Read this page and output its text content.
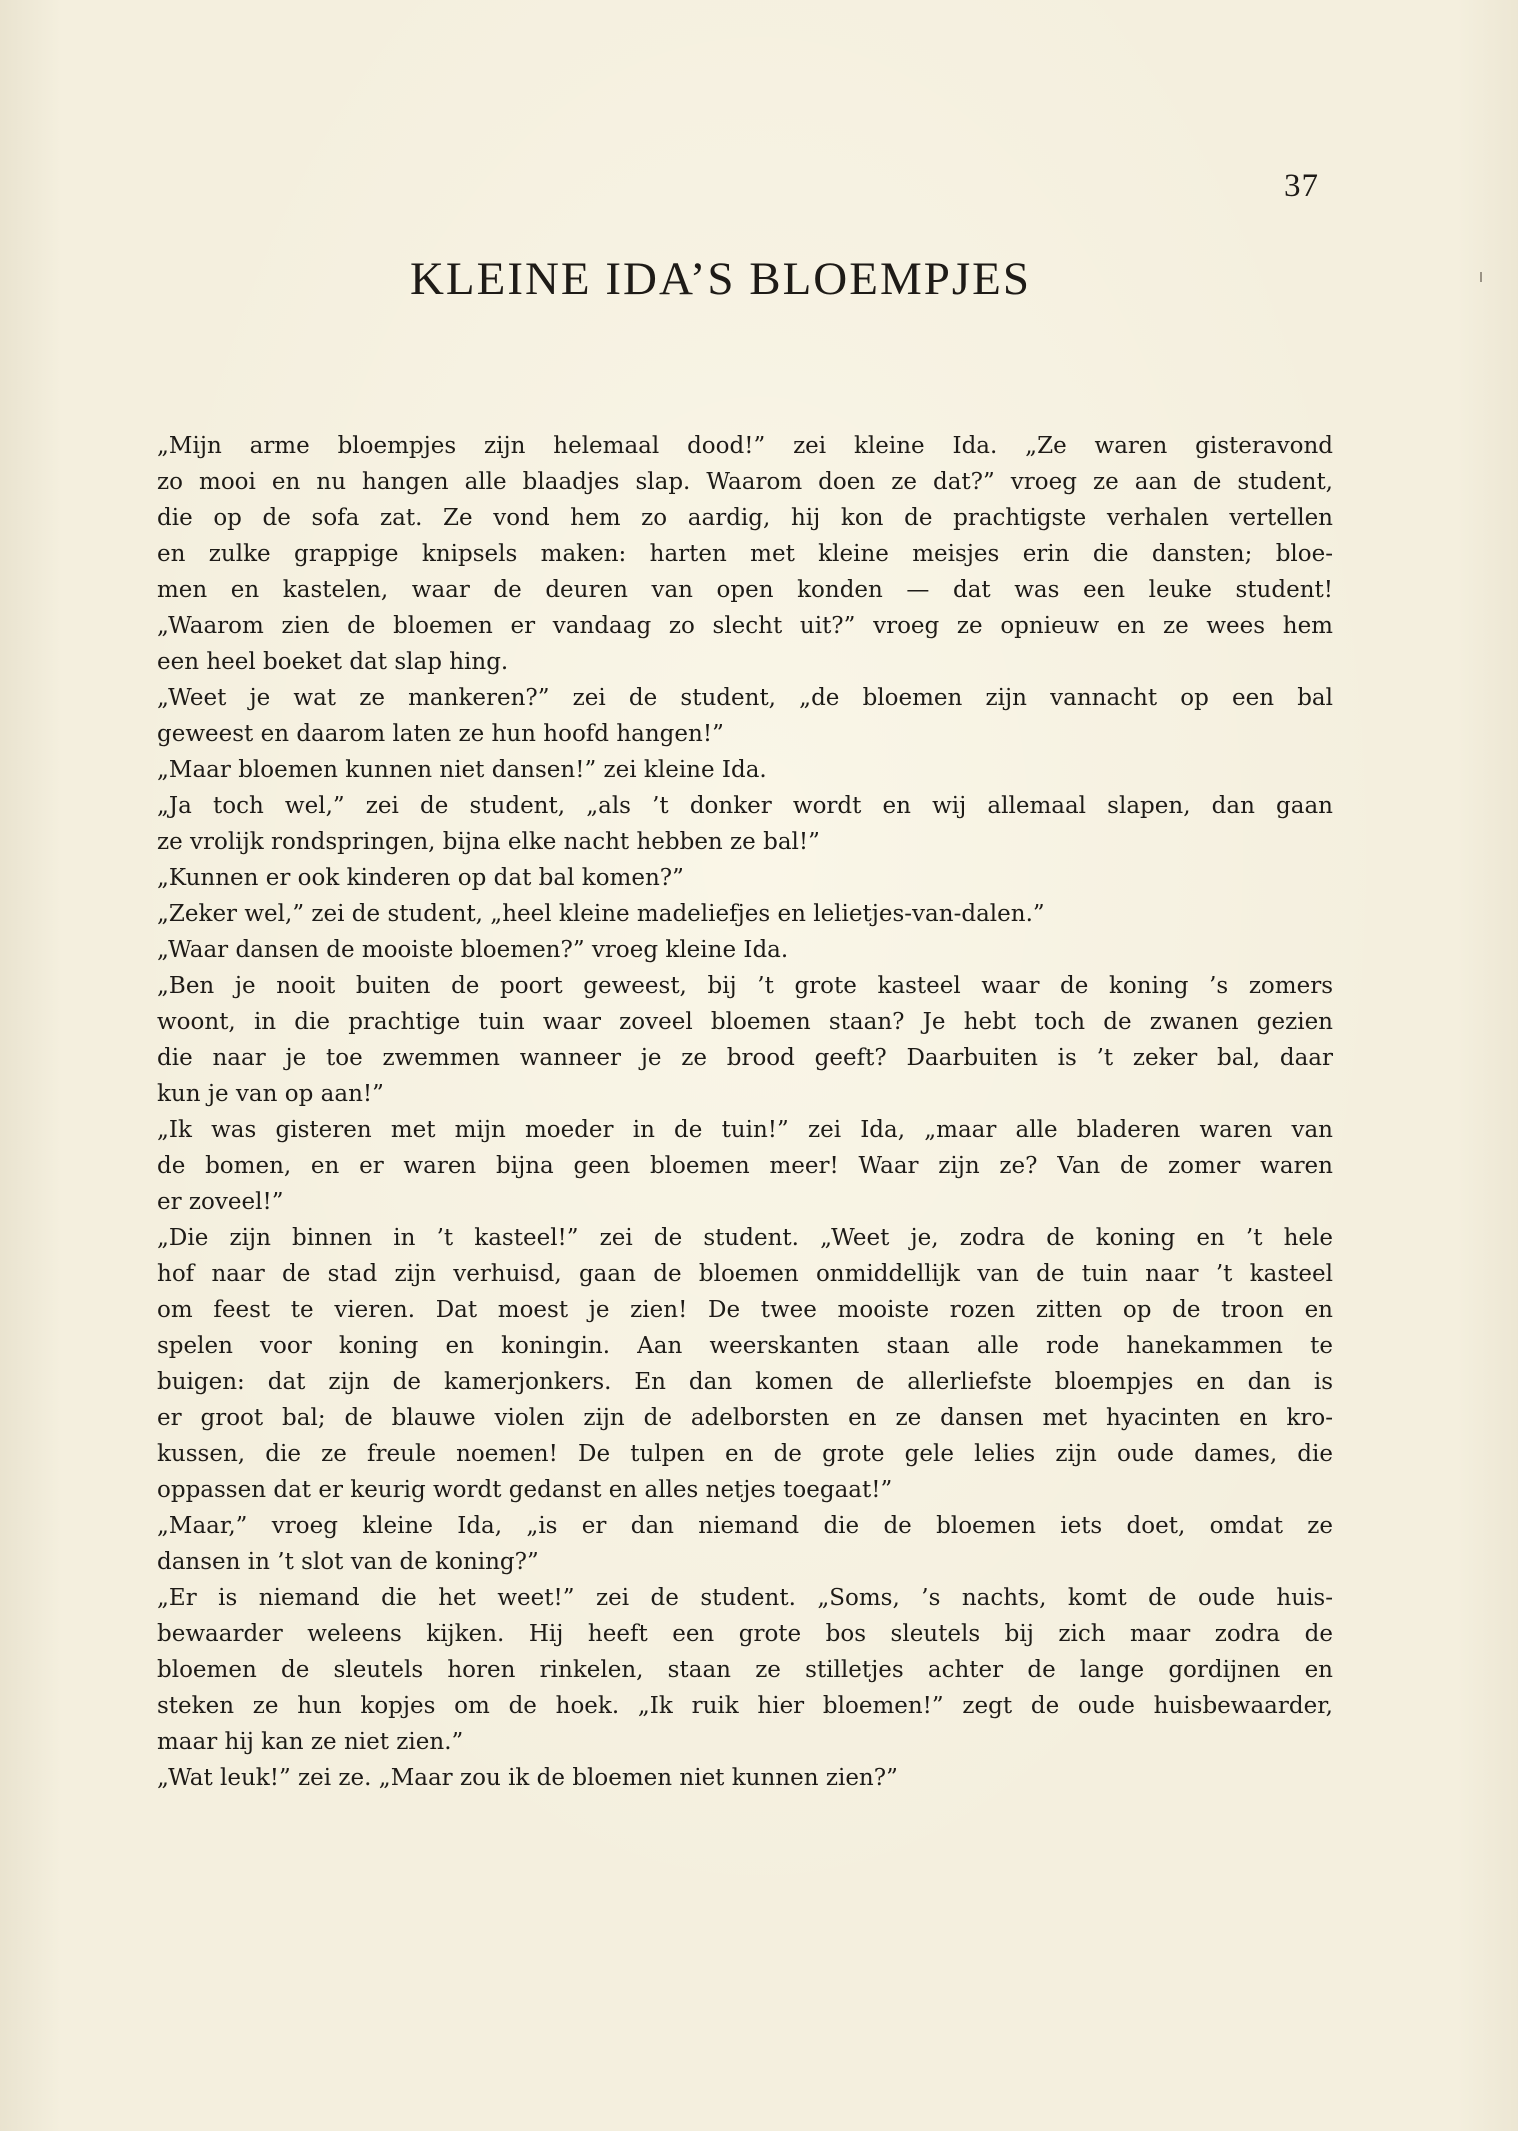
37
KLEINE IDA’S BLOEMPJES
„Mijn arme bloempjes zijn helemaal dood!” zei kleine Ida. „Ze waren gisteravond
zo mooi en nu hangen alle blaadjes slap. Waarom doen ze dat?” vroeg ze aan de student,
die op de sofa zat. Ze vond hem zo aardig, hij kon de prachtigste verhalen vertellen
en zulke grappige knipsels maken: harten met kleine meisjes erin die dansten; bloe-
men en kastelen, waar de deuren van open konden — dat was een leuke student!
„Waarom zien de bloemen er vandaag zo slecht uit?” vroeg ze opnieuw en ze wees hem
een heel boeket dat slap hing.
„Weet je wat ze mankeren?” zei de student, „de bloemen zijn vannacht op een bal
geweest en daarom laten ze hun hoofd hangen!”
„Maar bloemen kunnen niet dansen!” zei kleine Ida.
„Ja toch wel,” zei de student, „als ’t donker wordt en wij allemaal slapen, dan gaan
ze vrolijk rondspringen, bijna elke nacht hebben ze bal!”
„Kunnen er ook kinderen op dat bal komen?”
„Zeker wel,” zei de student, „heel kleine madeliefjes en lelietjes-van-dalen.”
„Waar dansen de mooiste bloemen?” vroeg kleine Ida.
„Ben je nooit buiten de poort geweest, bij ’t grote kasteel waar de koning ’s zomers
woont, in die prachtige tuin waar zoveel bloemen staan? Je hebt toch de zwanen gezien
die naar je toe zwemmen wanneer je ze brood geeft? Daarbuiten is ’t zeker bal, daar
kun je van op aan!”
„Ik was gisteren met mijn moeder in de tuin!” zei Ida, „maar alle bladeren waren van
de bomen, en er waren bijna geen bloemen meer! Waar zijn ze? Van de zomer waren
er zoveel!”
„Die zijn binnen in ’t kasteel!” zei de student. „Weet je, zodra de koning en ’t hele
hof naar de stad zijn verhuisd, gaan de bloemen onmiddellijk van de tuin naar ’t kasteel
om feest te vieren. Dat moest je zien! De twee mooiste rozen zitten op de troon en
spelen voor koning en koningin. Aan weerskanten staan alle rode hanekammen te
buigen: dat zijn de kamerjonkers. En dan komen de allerliefste bloempjes en dan is
er groot bal; de blauwe violen zijn de adelborsten en ze dansen met hyacinten en kro-
kussen, die ze freule noemen! De tulpen en de grote gele lelies zijn oude dames, die
oppassen dat er keurig wordt gedanst en alles netjes toegaat!”
„Maar,” vroeg kleine Ida, „is er dan niemand die de bloemen iets doet, omdat ze
dansen in ’t slot van de koning?”
„Er is niemand die het weet!” zei de student. „Soms, ’s nachts, komt de oude huis-
bewaarder weleens kijken. Hij heeft een grote bos sleutels bij zich maar zodra de
bloemen de sleutels horen rinkelen, staan ze stilletjes achter de lange gordijnen en
steken ze hun kopjes om de hoek. „Ik ruik hier bloemen!” zegt de oude huisbewaarder,
maar hij kan ze niet zien.”
„Wat leuk!” zei ze. „Maar zou ik de bloemen niet kunnen zien?”
